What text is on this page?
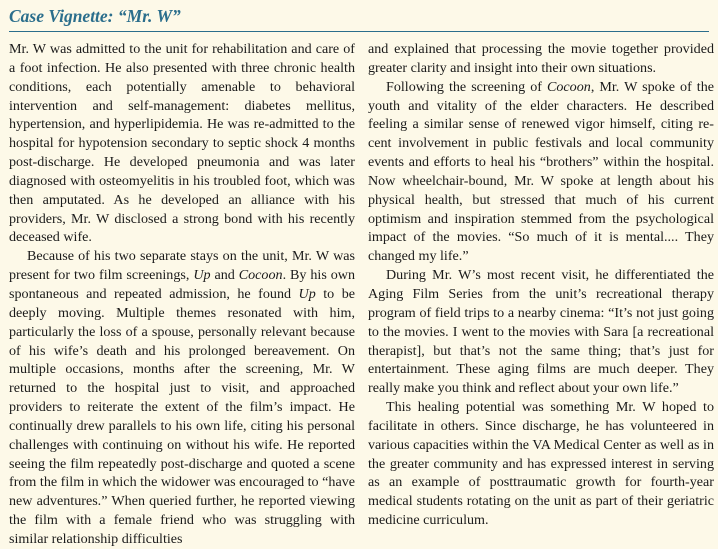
Case Vignette: “Mr. W”

Mr. W was admitted to the unit for rehabilitation and care of a foot infection. He also presented with three chronic health conditions, each potentially amenable to behavioral intervention and self-management: diabetes mellitus, hypertension, and hyperlipidemia. He was re-admitted to the hospital for hypotension secondary to septic shock 4 months post-discharge. He developed pneumonia and was later diagnosed with osteomyelitis in his troubled foot, which was then amputated. As he developed an alliance with his providers, Mr. W disclosed a strong bond with his recently deceased wife.

Because of his two separate stays on the unit, Mr. W was present for two film screenings, Up and Cocoon. By his own spontaneous and repeated admission, he found Up to be deeply moving. Multiple themes resonated with him, particularly the loss of a spouse, personally relevant because of his wife’s death and his prolonged bereavement. On multiple occasions, months after the screening, Mr. W returned to the hospital just to visit, and approached providers to reiterate the extent of the film’s impact. He continually drew parallels to his own life, citing his personal challenges with continuing on without his wife. He reported seeing the film repeatedly post-discharge and quoted a scene from the film in which the widower was encouraged to “have new adventures.” When queried further, he reported viewing the film with a female friend who was struggling with similar relationship difficulties

and explained that processing the movie together provided greater clarity and insight into their own situations.

Following the screening of Cocoon, Mr. W spoke of the youth and vitality of the elder characters. He described feeling a similar sense of renewed vigor himself, citing recent involvement in public festivals and local community events and efforts to heal his “brothers” within the hospital. Now wheelchair-bound, Mr. W spoke at length about his physical health, but stressed that much of his current optimism and inspiration stemmed from the psychological impact of the movies. “So much of it is mental.... They changed my life.”

During Mr. W’s most recent visit, he differentiated the Aging Film Series from the unit’s recreational therapy program of field trips to a nearby cinema: “It’s not just going to the movies. I went to the movies with Sara [a recreational therapist], but that’s not the same thing; that’s just for entertainment. These aging films are much deeper. They really make you think and reflect about your own life.”

This healing potential was something Mr. W hoped to facilitate in others. Since discharge, he has volunteered in various capacities within the VA Medical Center as well as in the greater community and has expressed interest in serving as an example of posttraumatic growth for fourth-year medical students rotating on the unit as part of their geriatric medicine curriculum.
